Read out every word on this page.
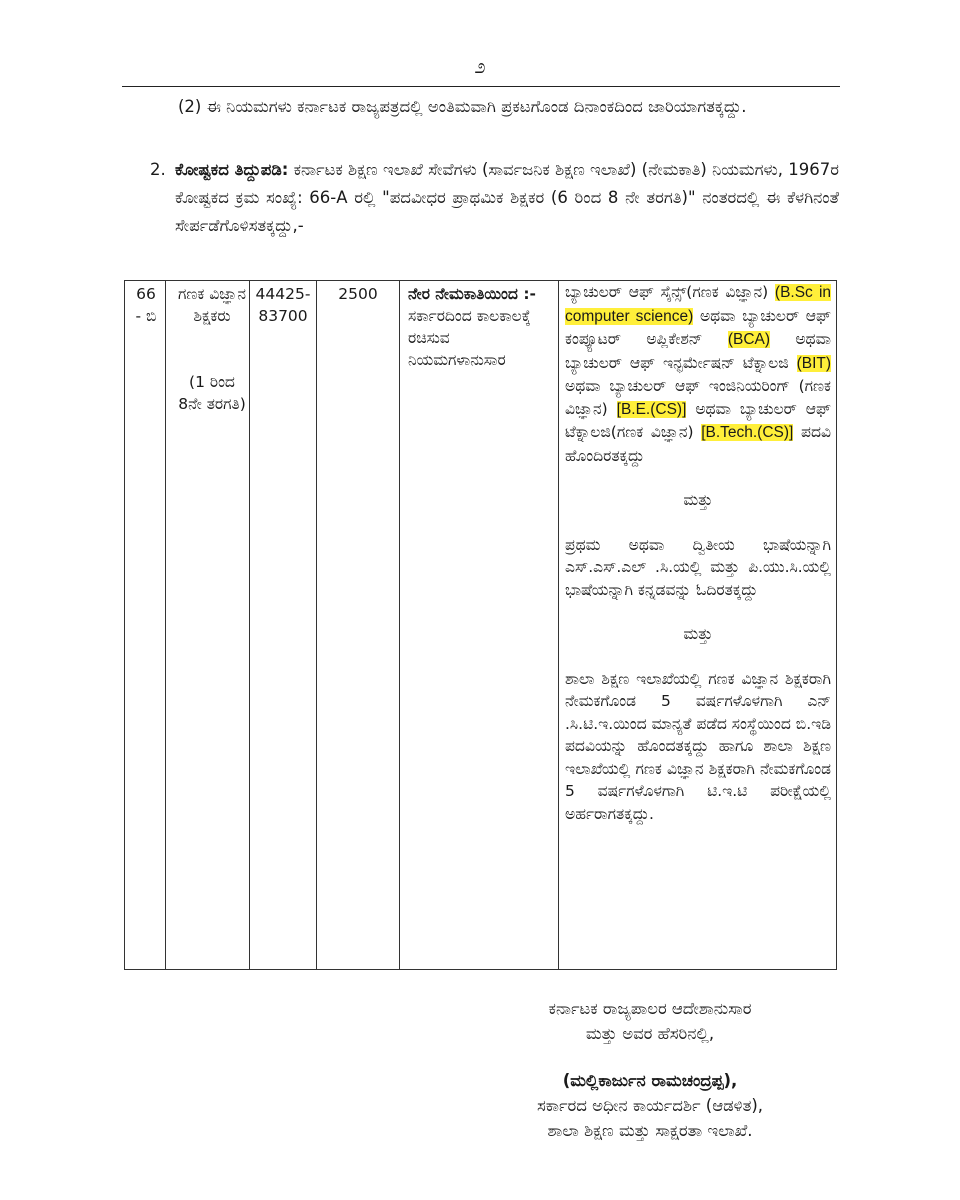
೨
(2) ಈ ನಿಯಮಗಳು ಕರ್ನಾಟಕ ರಾಜ್ಯಪತ್ರದಲ್ಲಿ ಅಂತಿಮವಾಗಿ ಪ್ರಕಟಗೊಂಡ ದಿನಾಂಕದಿಂದ ಜಾರಿಯಾಗತಕ್ಕದ್ದು.
2. ಕೋಷ್ಟಕದ ತಿದ್ದುಪಡಿ: ಕರ್ನಾಟಕ ಶಿಕ್ಷಣ ಇಲಾಖೆ ಸೇವೆಗಳು (ಸಾರ್ವಜನಿಕ ಶಿಕ್ಷಣ ಇಲಾಖೆ) (ನೇಮಕಾತಿ) ನಿಯಮಗಳು, 1967ರ ಕೋಷ್ಟಕದ ಕ್ರಮ ಸಂಖ್ಯೆ: 66-A ರಲ್ಲಿ "ಪದವೀಧರ ಪ್ರಾಥಮಿಕ ಶಿಕ್ಷಕರ (6 ರಿಂದ 8 ನೇ ತರಗತಿ)" ನಂತರದಲ್ಲಿ ಈ ಕೆಳಗಿನಂತೆ ಸೇರ್ಪಡೆಗೊಳಿಸತಕ್ಕದ್ದು,-
66 - ಬಿ
ಗಣಕ ವಿಜ್ಞಾನ ಶಿಕ್ಷಕರು
(1 ರಿಂದ 8ನೇ ತರಗತಿ)
44425- 83700
2500	ನೇರ ನೇಮಕಾತಿಯಿಂದ :-
ಸರ್ಕಾರದಿಂದ ಕಾಲಕಾಲಕ್ಕೆ ರಚಿಸುವ ನಿಯಮಗಳಾನುಸಾರ
ಬ್ಯಾಚುಲರ್ ಆಫ್ ಸೈನ್ಸ್(ಗಣಕ ವಿಜ್ಞಾನ) (B.Sc in computer science) ಅಥವಾ ಬ್ಯಾಚುಲರ್ ಆಫ್ ಕಂಪ್ಯೂಟರ್ ಅಪ್ಲಿಕೇಶನ್ (BCA) ಅಥವಾ ಬ್ಯಾಚುಲರ್ ಆಫ್ ಇನ್ಫರ್ಮೇಷನ್ ಟೆಕ್ನಾಲಜಿ (BIT) ಅಥವಾ ಬ್ಯಾಚುಲರ್ ಆಫ್ ಇಂಜಿನಿಯರಿಂಗ್ (ಗಣಕ ವಿಜ್ಞಾನ) [B.E.(CS)] ಅಥವಾ ಬ್ಯಾಚುಲರ್ ಆಫ್ ಟೆಕ್ನಾಲಜಿ(ಗಣಕ ವಿಜ್ಞಾನ) [B.Tech.(CS)] ಪದವಿ ಹೊಂದಿರತಕ್ಕದ್ದು
ಮತ್ತು
ಪ್ರಥಮ ಅಥವಾ ದ್ವಿತೀಯ ಭಾಷೆಯನ್ನಾಗಿ ಎಸ್.ಎಸ್.ಎಲ್ .ಸಿ.ಯಲ್ಲಿ ಮತ್ತು ಪಿ.ಯು.ಸಿ.ಯಲ್ಲಿ ಭಾಷೆಯನ್ನಾಗಿ ಕನ್ನಡವನ್ನು ಓದಿರತಕ್ಕದ್ದು
ಮತ್ತು
ಶಾಲಾ ಶಿಕ್ಷಣ ಇಲಾಖೆಯಲ್ಲಿ ಗಣಕ ವಿಜ್ಞಾನ ಶಿಕ್ಷಕರಾಗಿ ನೇಮಕಗೊಂಡ 5 ವರ್ಷಗಳೊಳಗಾಗಿ ಎನ್ .ಸಿ.ಟಿ.ಇ.ಯಿಂದ ಮಾನ್ಯತೆ ಪಡೆದ ಸಂಸ್ಥೆಯಿಂದ ಬಿ.ಇಡಿ ಪದವಿಯನ್ನು ಹೊಂದತಕ್ಕದ್ದು ಹಾಗೂ ಶಾಲಾ ಶಿಕ್ಷಣ ಇಲಾಖೆಯಲ್ಲಿ ಗಣಕ ವಿಜ್ಞಾನ ಶಿಕ್ಷಕರಾಗಿ ನೇಮಕಗೊಂಡ 5 ವರ್ಷಗಳೊಳಗಾಗಿ ಟಿ.ಇ.ಟಿ ಪರೀಕ್ಷೆಯಲ್ಲಿ ಅರ್ಹರಾಗತಕ್ಕದ್ದು.
ಕರ್ನಾಟಕ ರಾಜ್ಯಪಾಲರ ಆದೇಶಾನುಸಾರ
ಮತ್ತು ಅವರ ಹೆಸರಿನಲ್ಲಿ,
(ಮಲ್ಲಿಕಾರ್ಜುನ ರಾಮಚಂದ್ರಪ್ಪ),
ಸರ್ಕಾರದ ಅಧೀನ ಕಾರ್ಯದರ್ಶಿ (ಆಡಳಿತ),
ಶಾಲಾ ಶಿಕ್ಷಣ ಮತ್ತು ಸಾಕ್ಷರತಾ ಇಲಾಖೆ.
